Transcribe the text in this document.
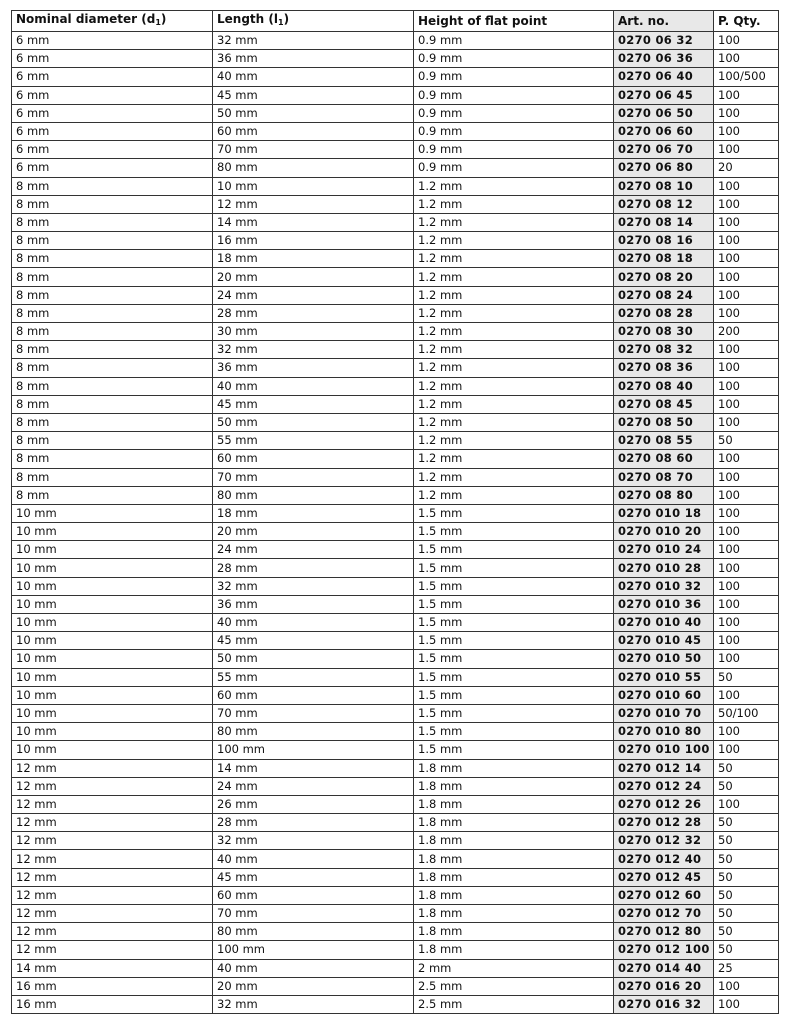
Nominal diameter $(d_1)$	Length $(l_1)$	Height of flat point	Art. no.	P. Qty.
6 mm	32 mm	0.9 mm	0270 06 32	100
6 mm	36 mm	0.9 mm	0270 06 36	100
6 mm	40 mm	0.9 mm	0270 06 40	100/500
6 mm	45 mm	0.9 mm	0270 06 45	100
6 mm	50 mm	0.9 mm	0270 06 50	100
6 mm	60 mm	0.9 mm	0270 06 60	100
6 mm	70 mm	0.9 mm	0270 06 70	100
6 mm	80 mm	0.9 mm	0270 06 80	20
8 mm	10 mm	1.2 mm	0270 08 10	100
8 mm	12 mm	1.2 mm	0270 08 12	100
8 mm	14 mm	1.2 mm	0270 08 14	100
8 mm	16 mm	1.2 mm	0270 08 16	100
8 mm	18 mm	1.2 mm	0270 08 18	100
8 mm	20 mm	1.2 mm	0270 08 20	100
8 mm	24 mm	1.2 mm	0270 08 24	100
8 mm	28 mm	1.2 mm	0270 08 28	100
8 mm	30 mm	1.2 mm	0270 08 30	200
8 mm	32 mm	1.2 mm	0270 08 32	100
8 mm	36 mm	1.2 mm	0270 08 36	100
8 mm	40 mm	1.2 mm	0270 08 40	100
8 mm	45 mm	1.2 mm	0270 08 45	100
8 mm	50 mm	1.2 mm	0270 08 50	100
8 mm	55 mm	1.2 mm	0270 08 55	50
8 mm	60 mm	1.2 mm	0270 08 60	100
8 mm	70 mm	1.2 mm	0270 08 70	100
8 mm	80 mm	1.2 mm	0270 08 80	100
10 mm	18 mm	1.5 mm	0270 010 18	100
10 mm	20 mm	1.5 mm	0270 010 20	100
10 mm	24 mm	1.5 mm	0270 010 24	100
10 mm	28 mm	1.5 mm	0270 010 28	100
10 mm	32 mm	1.5 mm	0270 010 32	100
10 mm	36 mm	1.5 mm	0270 010 36	100
10 mm	40 mm	1.5 mm	0270 010 40	100
10 mm	45 mm	1.5 mm	0270 010 45	100
10 mm	50 mm	1.5 mm	0270 010 50	100
10 mm	55 mm	1.5 mm	0270 010 55	50
10 mm	60 mm	1.5 mm	0270 010 60	100
10 mm	70 mm	1.5 mm	0270 010 70	50/100
10 mm	80 mm	1.5 mm	0270 010 80	100
10 mm	100 mm	1.5 mm	0270 010 100	100
12 mm	14 mm	1.8 mm	0270 012 14	50
12 mm	24 mm	1.8 mm	0270 012 24	50
12 mm	26 mm	1.8 mm	0270 012 26	100
12 mm	28 mm	1.8 mm	0270 012 28	50
12 mm	32 mm	1.8 mm	0270 012 32	50
12 mm	40 mm	1.8 mm	0270 012 40	50
12 mm	45 mm	1.8 mm	0270 012 45	50
12 mm	60 mm	1.8 mm	0270 012 60	50
12 mm	70 mm	1.8 mm	0270 012 70	50
12 mm	80 mm	1.8 mm	0270 012 80	50
12 mm	100 mm	1.8 mm	0270 012 100	50
14 mm	40 mm	2 mm	0270 014 40	25
16 mm	20 mm	2.5 mm	0270 016 20	100
16 mm	32 mm	2.5 mm	0270 016 32	100
